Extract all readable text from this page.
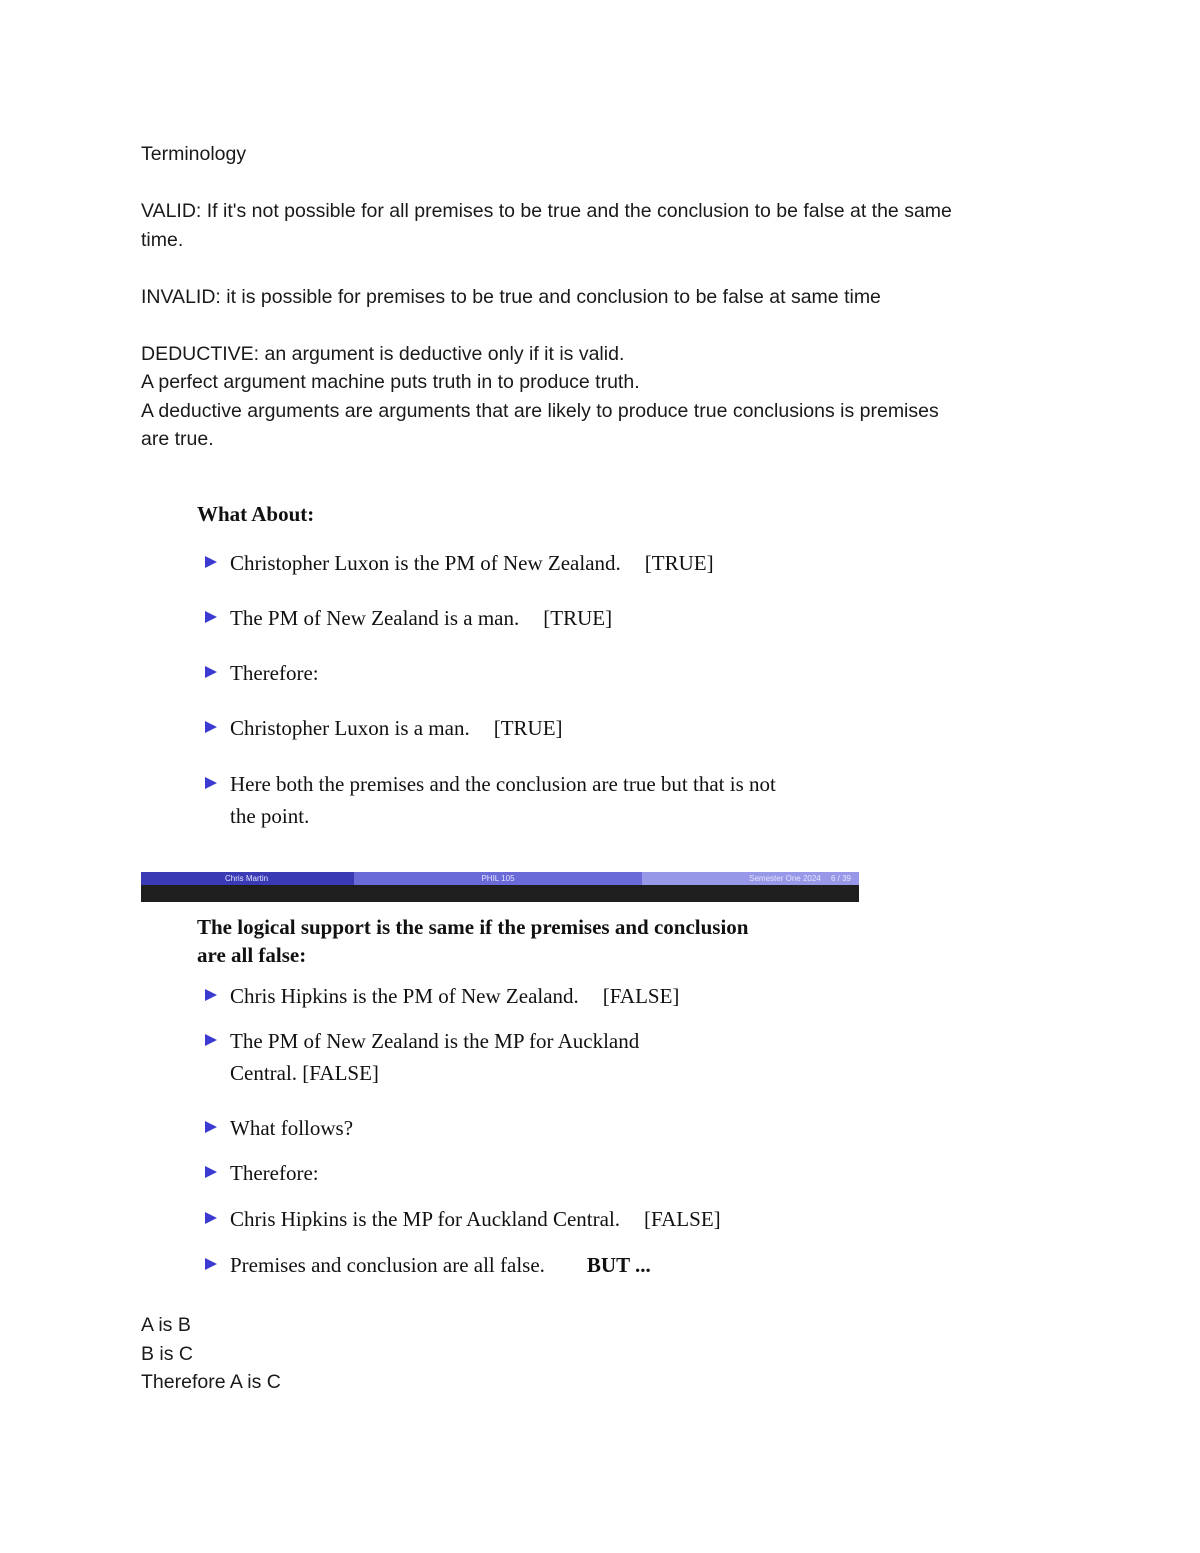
Terminology

VALID: If it's not possible for all premises to be true and the conclusion to be false at the same

time.

INVALID: it is possible for premises to be true and conclusion to be false at same time

DEDUCTIVE: an argument is deductive only if it is valid.

A perfect argument machine puts truth in to produce truth.

A deductive arguments are arguments that are likely to produce true conclusions is premises

are true.

What About:

Christopher Luxon is the PM of New Zealand. [TRUE]
The PM of New Zealand is a man. [TRUE]
Therefore:
Christopher Luxon is a man. [TRUE]
Here both the premises and the conclusion are true but that is not
the point.
Chris Martin	PHIL 105	Semester One 2024 6 / 39

The logical support is the same if the premises and conclusion

are all false:

Chris Hipkins is the PM of New Zealand. [FALSE]
The PM of New Zealand is the MP for Auckland
Central. [FALSE]
What follows?
Therefore:
Chris Hipkins is the MP for Auckland Central. [FALSE]
Premises and conclusion are all false. BUT ...

A is B

B is C

Therefore A is C
